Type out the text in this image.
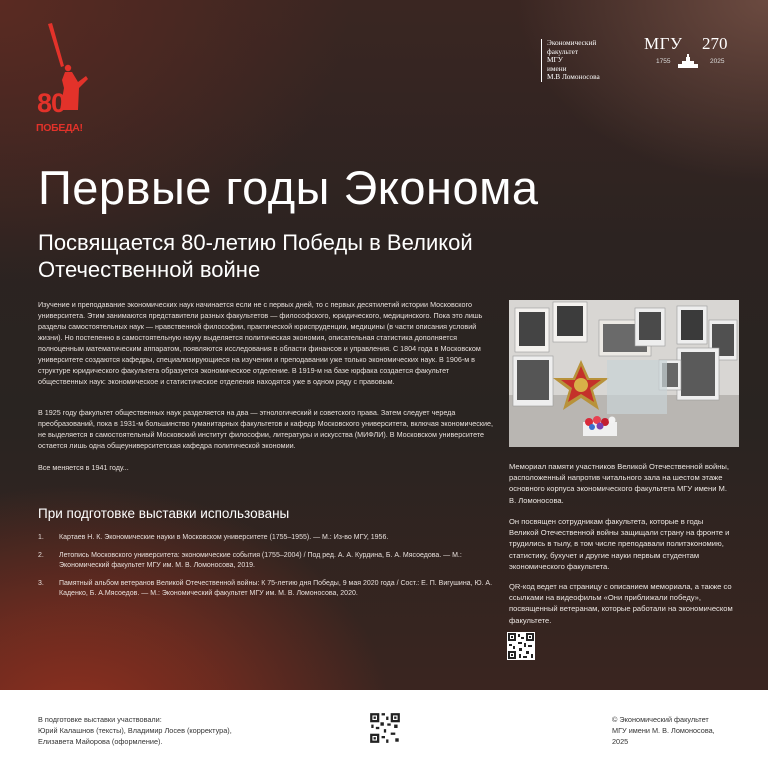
80
ПОБЕДА!
Экономический
факультет
МГУ
имени
М.В Ломоносова
МГУ 270
1755	2025
Первые годы Эконома
Посвящается 80-летию Победы в Великой Отечественной войне

Изучение и преподавание экономических наук начинается если не с первых дней, то с первых десятилетий истории Московского университета. Этим занимаются представители разных факультетов — философского, юридического, медицинского. Пока это лишь разделы самостоятельных наук — нравственной философии, практической юриспруденции, медицины (в части описания условий жизни). Но постепенно в самостоятельную науку выделяется политическая экономия, описательная статистика дополняется полноценным математическим аппаратом, появляются исследования в области финансов и управления. С 1804 года в Московском университете создаются кафедры, специализирующиеся на изучении и преподавании уже только экономических наук. В 1906-м в структуре юридического факультета образуется экономическое отделение. В 1919-м на базе юрфака создается факультет общественных наук: экономическое и статистическое отделения находятся уже в одном ряду с правовым.

В 1925 году факультет общественных наук разделяется на два — этнологический и советского права. Затем следует череда преобразований, пока в 1931-м большинство гуманитарных факультетов и кафедр Московского университета, включая экономические, не выделяется в самостоятельный Московский институт философии, литературы и искусства (МИФЛИ). В Московском университете остается лишь одна общеуниверситетская кафедра политической экономии.

Все меняется в 1941 году...

При подготовке выставки использованы
1. Картаев Н. К. Экономические науки в Московском университете (1755–1955). — М.: Из-во МГУ, 1956.
2. Летопись Московского университета: экономические события (1755–2004) / Под ред. А. А. Курдина, Б. А. Мясоедова. — М.: Экономический факультет МГУ им. М. В. Ломоносова, 2019.
3. Памятный альбом ветеранов Великой Отечественной войны: К 75-летию дня Победы, 9 мая 2020 года / Сост.: Е. П. Вигушина, Ю. А. Каденко, Б. А.Мясоедов. — М.: Экономический факультет МГУ им. М. В. Ломоносова, 2020.

Мемориал памяти участников Великой Отечественной войны, расположенный напротив читального зала на шестом этаже основного корпуса экономического факультета МГУ имени М. В. Ломоносова.

Он посвящен сотрудникам факультета, которые в годы Великой Отечественной войны защищали страну на фронте и трудились в тылу, в том числе преподавали политэкономию, статистику, бухучет и другие науки первым студентам экономического факультета.

QR-код ведет на страницу с описанием мемориала, а также со ссылками на видеофильм «Они приближали победу», посвященный ветеранам, которые работали на экономическом факультете.

В подготовке выставки участвовали:
Юрий Калашнов (тексты), Владимир Лосев (корректура),
Елизавета Майорова (оформление).
© Экономический факультет
МГУ имени М. В. Ломоносова,
2025
